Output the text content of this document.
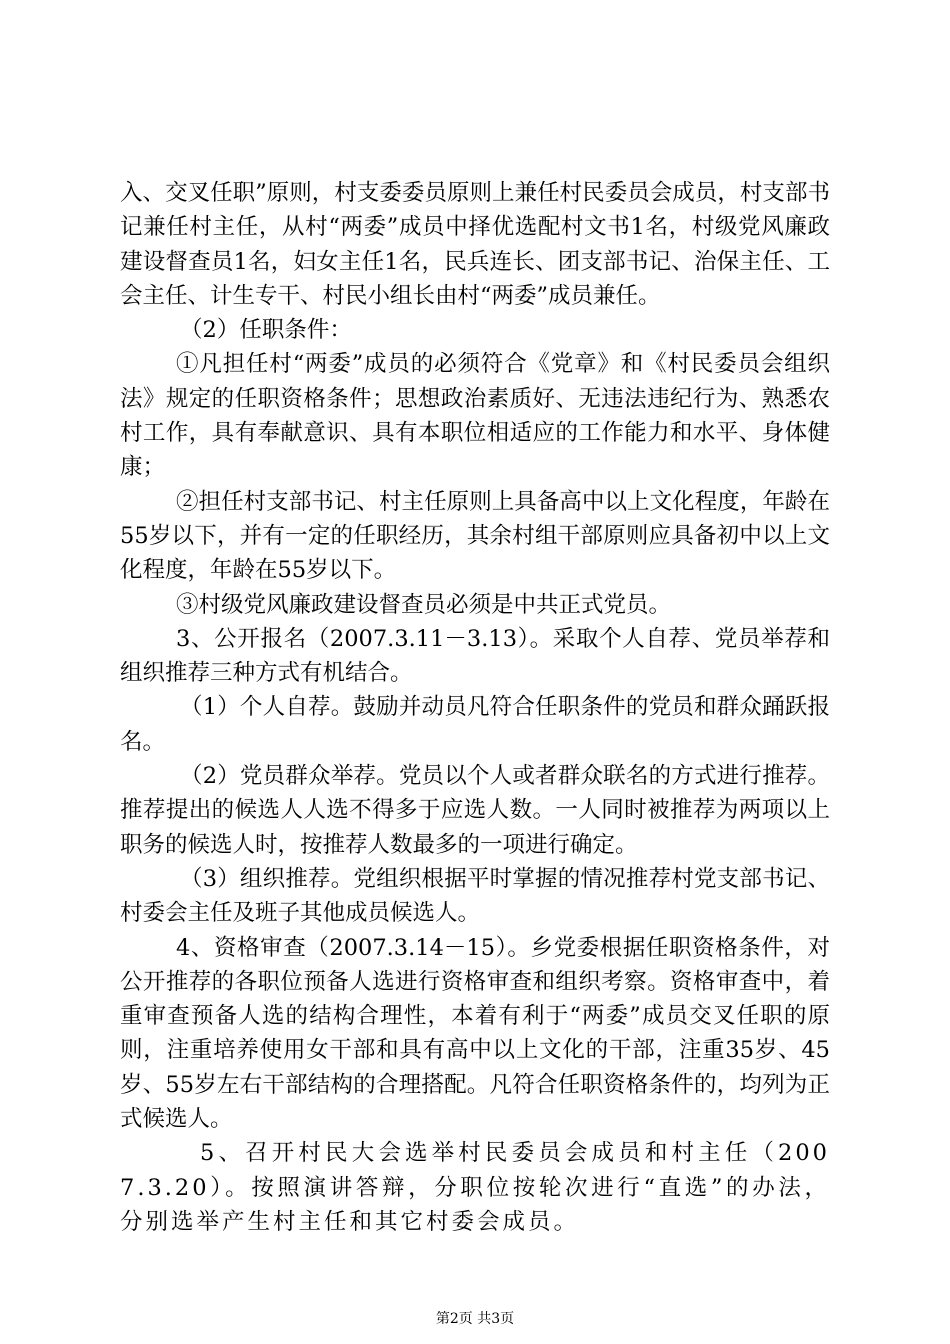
入、交叉任职”原则，村支委委员原则上兼任村民委员会成员，村支部书记兼任村主任，从村“两委”成员中择优选配村文书1名，村级党风廉政建设督查员1名，妇女主任1名，民兵连长、团支部书记、治保主任、工会主任、计生专干、村民小组长由村“两委”成员兼任。

（2）任职条件：

①凡担任村“两委”成员的必须符合《党章》和《村民委员会组织法》规定的任职资格条件；思想政治素质好、无违法违纪行为、熟悉农村工作，具有奉献意识、具有本职位相适应的工作能力和水平、身体健康；

②担任村支部书记、村主任原则上具备高中以上文化程度，年龄在55岁以下，并有一定的任职经历，其余村组干部原则应具备初中以上文化程度，年龄在55岁以下。

③村级党风廉政建设督查员必须是中共正式党员。

3、公开报名（2007.3.11－3.13）。采取个人自荐、党员举荐和组织推荐三种方式有机结合。

（1）个人自荐。鼓励并动员凡符合任职条件的党员和群众踊跃报名。

（2）党员群众举荐。党员以个人或者群众联名的方式进行推荐。推荐提出的候选人人选不得多于应选人数。一人同时被推荐为两项以上职务的候选人时，按推荐人数最多的一项进行确定。

（3）组织推荐。党组织根据平时掌握的情况推荐村党支部书记、村委会主任及班子其他成员候选人。

4、资格审查（2007.3.14－15）。乡党委根据任职资格条件，对公开推荐的各职位预备人选进行资格审查和组织考察。资格审查中，着重审查预备人选的结构合理性，本着有利于“两委”成员交叉任职的原则，注重培养使用女干部和具有高中以上文化的干部，注重35岁、45岁、55岁左右干部结构的合理搭配。凡符合任职资格条件的，均列为正式候选人。

5、召开村民大会选举村民委员会成员和村主任（2007.3.20）。按照演讲答辩，分职位按轮次进行“直选”的办法，分别选举产生村主任和其它村委会成员。

第2页 共3页
